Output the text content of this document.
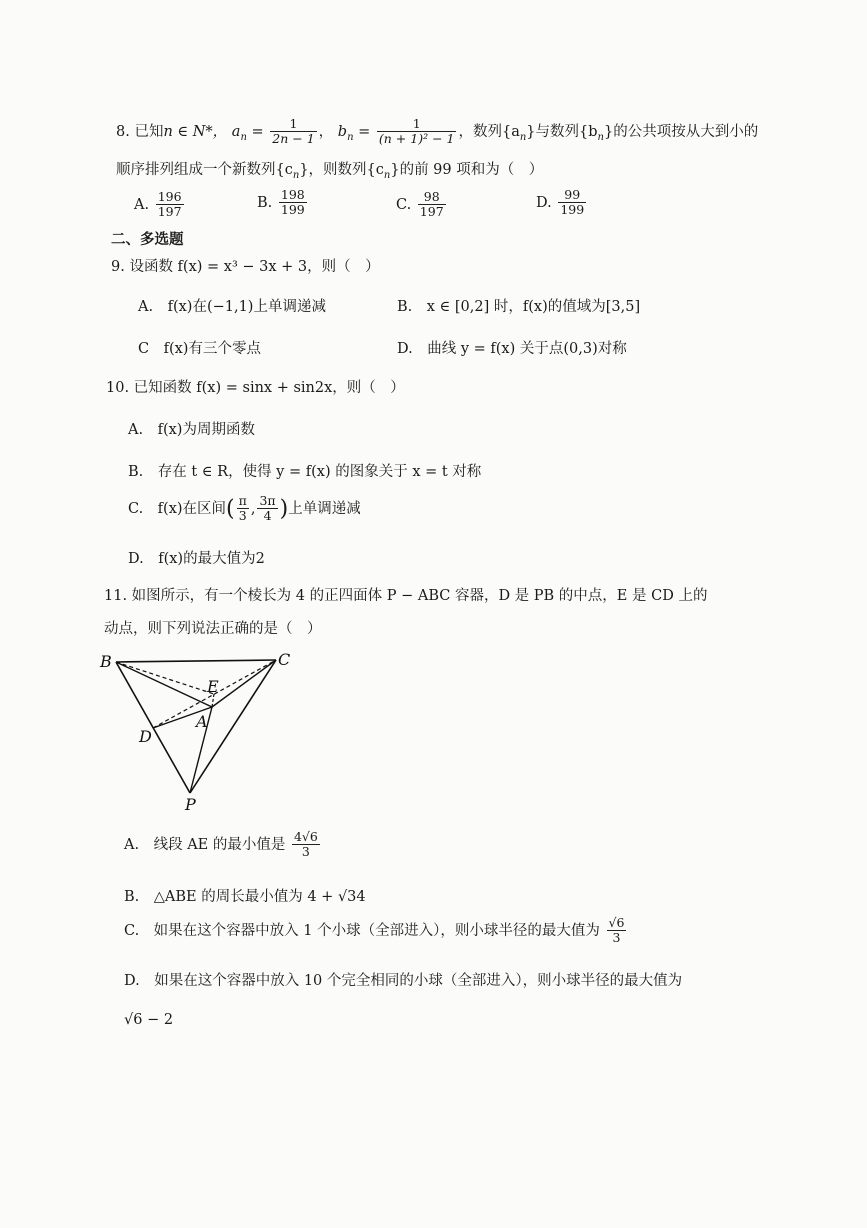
8. 已知n ∈ N*， $a_n = \frac{1}{2n - 1}$ ， $b_n = \frac{1}{\text{(n + 1)² − 1}}$ ，数列$\{a_n\}$与数列$\{b_n\}$的公共项按从大到小的
顺序排列组成一个新数列$\{c_n\}$，则数列$\{c_n\}$的前 99 项和为（　）
A. $\frac{196}{197}$	B. $\frac{198}{199}$	C. $\frac{98}{197}$	D. $\frac{99}{199}$
二、多选题
9. 设函数 f(x) = x³ − 3x + 3，则（　）
A.　f(x)在(−1,1)上单调递减	B.　x ∈ [0,2] 时，f(x)的值域为[3,5]
C　f(x)有三个零点	D.　曲线 y = f(x) 关于点(0,3)对称
10. 已知函数 f(x) = sinx + sin2x，则（　）
A.　f(x)为周期函数
B.　存在 t ∈ R，使得 y = f(x) 的图象关于 x = t 对称
C.　f(x)在区间( $\frac{\pi}{3}$ , $\frac{3\pi}{4}$ )上单调递减
D.　f(x)的最大值为2
11. 如图所示，有一个棱长为 4 的正四面体 P − ABC 容器，D 是 PB 的中点，E 是 CD 上的
动点，则下列说法正确的是（　）
B	C
E
A
D
P
A.　线段 AE 的最小值是 $\frac{4√6}{3}$
B.　△ABE 的周长最小值为 4 + √34
C.　如果在这个容器中放入 1 个小球（全部进入），则小球半径的最大值为 $\frac{√6}{3}$
D.　如果在这个容器中放入 10 个完全相同的小球（全部进入），则小球半径的最大值为
√6 − 2
